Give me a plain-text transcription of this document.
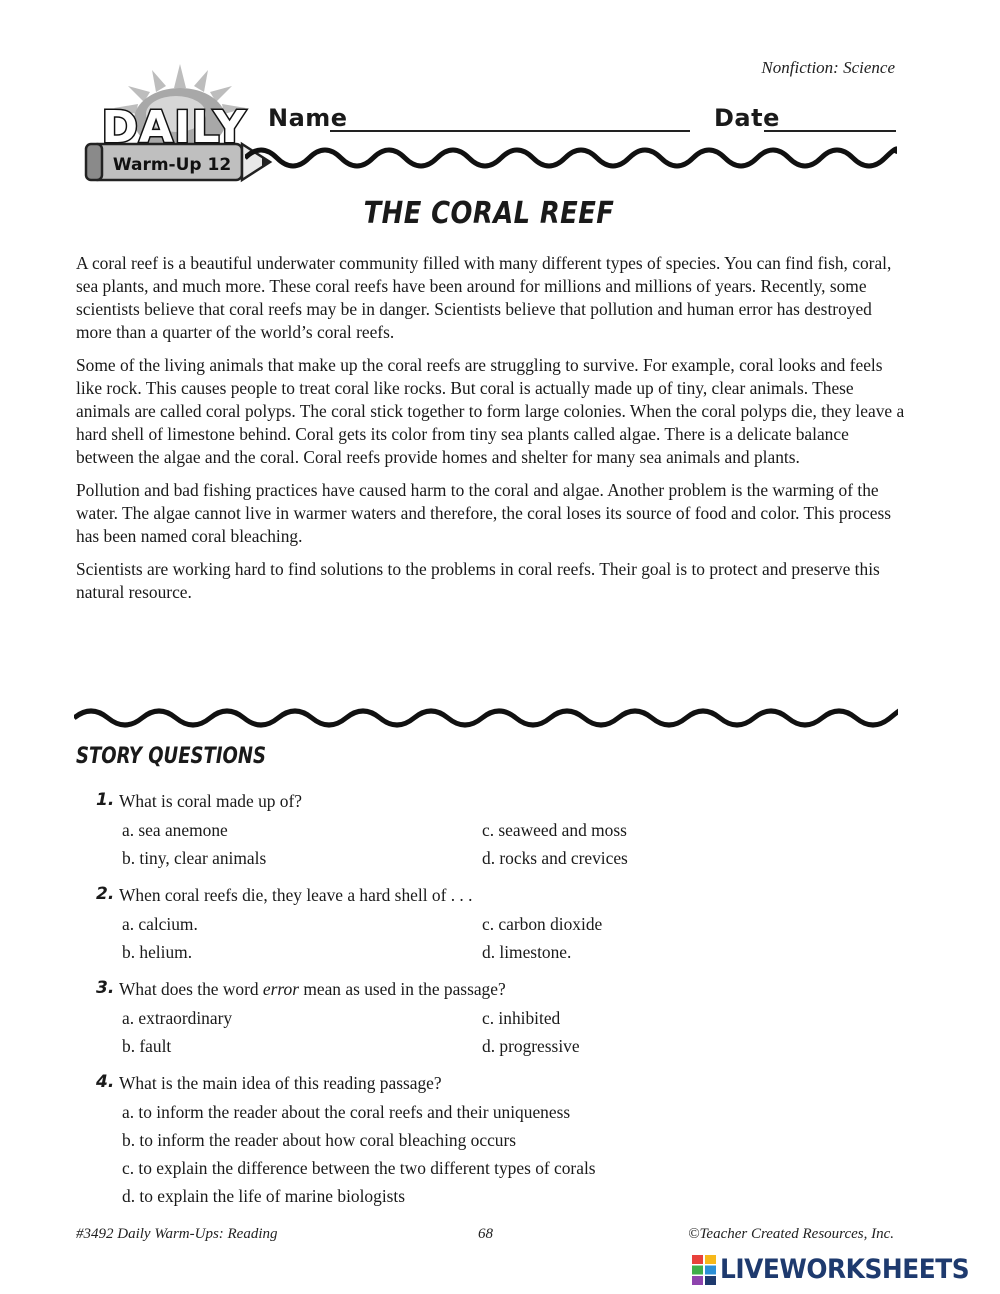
Nonfiction: Science
DAILY
Warm-Up 12
Name	Date
THE CORAL REEF

A coral reef is a beautiful underwater community filled with many different types of species. You can find fish, coral, sea plants, and much more. These coral reefs have been around for millions and millions of years. Recently, some scientists believe that coral reefs may be in danger. Scientists believe that pollution and human error has destroyed more than a quarter of the world’s coral reefs.

Some of the living animals that make up the coral reefs are struggling to survive. For example, coral looks and feels like rock. This causes people to treat coral like rocks. But coral is actually made up of tiny, clear animals. These animals are called coral polyps. The coral stick together to form large colonies. When the coral polyps die, they leave a hard shell of limestone behind. Coral gets its color from tiny sea plants called algae. There is a delicate balance between the algae and the coral. Coral reefs provide homes and shelter for many sea animals and plants.

Pollution and bad fishing practices have caused harm to the coral and algae. Another problem is the warming of the water. The algae cannot live in warmer waters and therefore, the coral loses its source of food and color. This process has been named coral bleaching.

Scientists are working hard to find solutions to the problems in coral reefs. Their goal is to protect and preserve this natural resource.

STORY QUESTIONS
1. What is coral made up of?
a. sea anemone	c. seaweed and moss
b. tiny, clear animals	d. rocks and crevices
2. When coral reefs die, they leave a hard shell of . . .
a. calcium.	c. carbon dioxide
b. helium.	d. limestone.
3. What does the word error mean as used in the passage?
a. extraordinary	c. inhibited
b. fault	d. progressive
4. What is the main idea of this reading passage?
a. to inform the reader about the coral reefs and their uniqueness
b. to inform the reader about how coral bleaching occurs
c. to explain the difference between the two different types of corals
d. to explain the life of marine biologists
#3492 Daily Warm-Ups: Reading	68	©Teacher Created Resources, Inc.
LIVEWORKSHEETS
